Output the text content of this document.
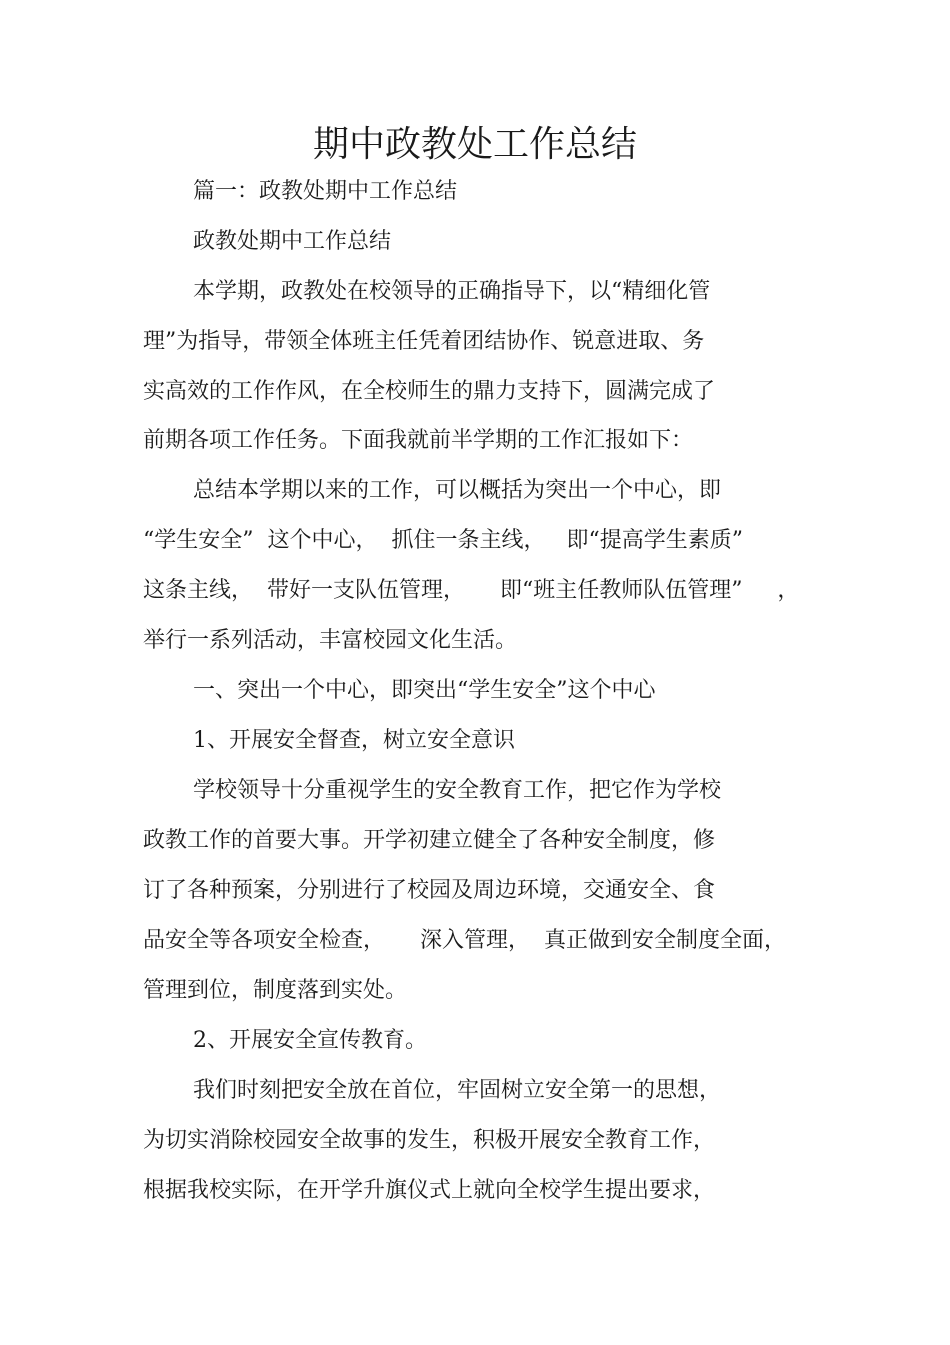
期中政教处工作总结

篇一：政教处期中工作总结

政教处期中工作总结

本学期，政教处在校领导的正确指导下，以“精细化管

理”为指导，带领全体班主任凭着团结协作、锐意进取、务

实高效的工作作风，在全校师生的鼎力支持下，圆满完成了

前期各项工作任务。下面我就前半学期的工作汇报如下：

总结本学期以来的工作，可以概括为突出一个中心，即

“学生安全”  这个中心，  抓住一条主线，   即“提高学生素质”

这条主线，  带好一支队伍管理，     即“班主任教师队伍管理”     ，

举行一系列活动，丰富校园文化生活。

一、突出一个中心，即突出“学生安全”这个中心

1、开展安全督查，树立安全意识

学校领导十分重视学生的安全教育工作，把它作为学校

政教工作的首要大事。开学初建立健全了各种安全制度，修

订了各种预案，分别进行了校园及周边环境，交通安全、食

品安全等各项安全检查，     深入管理，  真正做到安全制度全面，

管理到位，制度落到实处。

2、开展安全宣传教育。

我们时刻把安全放在首位，牢固树立安全第一的思想，

为切实消除校园安全故事的发生，积极开展安全教育工作，

根据我校实际，在开学升旗仪式上就向全校学生提出要求，
